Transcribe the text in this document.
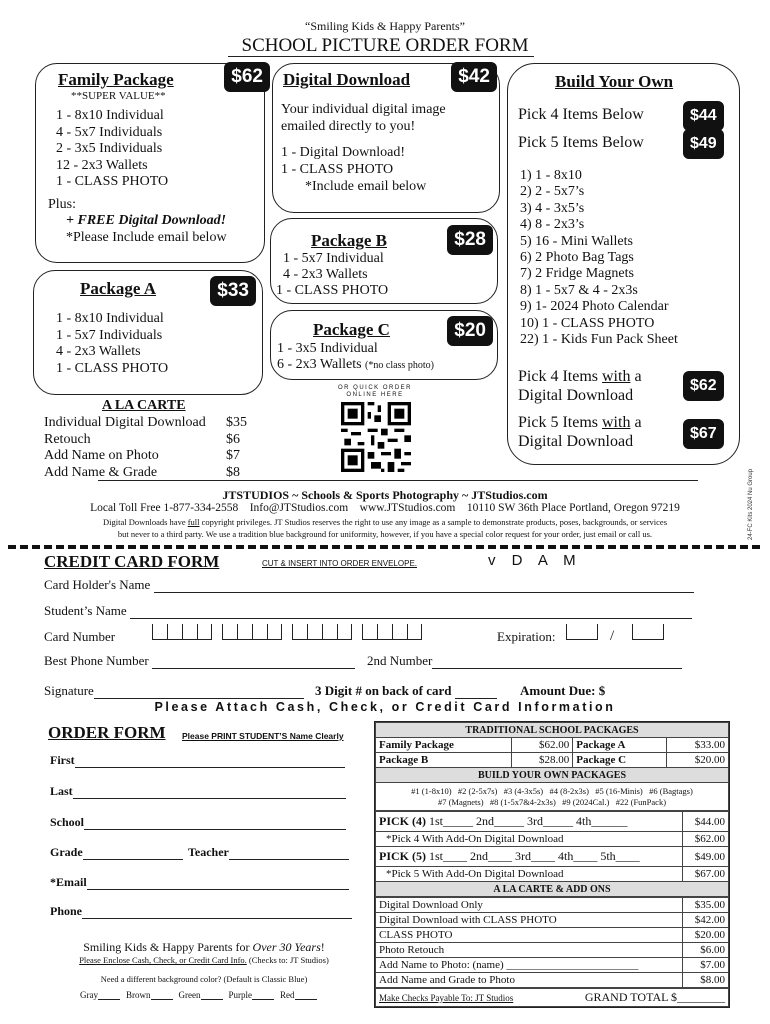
“Smiling Kids & Happy Parents”
SCHOOL PICTURE ORDER FORM
Family Package	$62
**SUPER VALUE**
1 - 8x10 Individual
4 - 5x7 Individuals
2 - 3x5 Individuals
12 - 2x3 Wallets
1 - CLASS PHOTO
Plus:
+ FREE Digital Download!
*Please Include email below
Digital Download	$42
Your individual digital image
emailed directly to you!
1 - Digital Download!
1 - CLASS PHOTO
*Include email below
Package B	$28
1 - 5x7 Individual
4 - 2x3 Wallets
1 - CLASS PHOTO
Package A	$33
1 - 8x10 Individual
1 - 5x7 Individuals
4 - 2x3 Wallets
1 - CLASS PHOTO
Package C	$20
1 - 3x5 Individual
6 - 2x3 Wallets (*no class photo)
Build Your Own
Pick 4 Items Below	$44
Pick 5 Items Below	$49
1) 1 - 8x10
2) 2 - 5x7’s
3) 4 - 3x5’s
4) 8 - 2x3’s
5) 16 - Mini Wallets
6) 2 Photo Bag Tags
7) 2 Fridge Magnets
8) 1 - 5x7 & 4 - 2x3s
9) 1- 2024 Photo Calendar
10) 1 - CLASS PHOTO
22) 1 - Kids Fun Pack Sheet
Pick 4 Items with a
Digital Download
$62
Pick 5 Items with a
Digital Download	$67
OR QUICK ORDER
ONLINE HERE
A LA CARTE
Individual Digital Download $35
Retouch	$6
Add Name on Photo	$7
Add Name & Grade	$8	24-FC Kits 2024 Nu Group
JTSTUDIOS ~ Schools & Sports Photography ~ JTStudios.com
Local Toll Free 1-877-334-2558    Info@JTStudios.com    www.JTStudios.com    10110 SW 36th Place Portland, Oregon 97219
Digital Downloads have full copyright privileges. JT Studios reserves the right to use any image as a sample to demonstrate products, poses, backgrounds, or services
but never to a third party. We use a tradition blue background for uniformity, however, if you have a special color request for your order, just email or call us.
CREDIT CARD FORM	CUT & INSERT INTO ORDER ENVELOPE.	v D A M
Card Holder's Name
Student’s Name
Card Number	Expiration:	/
Best Phone Number	2nd Number
Signature	3 Digit # on back of card	Amount Due: $
Please Attach Cash, Check, or Credit Card Information
ORDER FORM Please PRINT STUDENT’S Name Clearly
First
Last
School
Grade	Teacher
*Email
Phone
Smiling Kids & Happy Parents for Over 30 Years!
Please Enclose Cash, Check, or Credit Card Info. (Checks to: JT Studios)
Need a different background color? (Default is Classic Blue)
Gray	Brown	Green	Purple	Red
TRADITIONAL SCHOOL PACKAGES			
Family Package	$62.00	Package A	$33.00
Package B	$28.00	Package C	$20.00
BUILD YOUR OWN PACKAGES			
#1 (1-8x10)   #2 (2-5x7s)   #3 (4-3x5s)   #4 (8-2x3s)   #5 (16-Minis)   #6 (Bagtags)
#7 (Magnets)   #8 (1-5x7&4-2x3s)   #9 (2024Cal.)   #22 (FunPack)			
PICK (4) 1st_____ 2nd_____ 3rd_____ 4th______	$44.00
*Pick 4 With Add-On Digital Download	$62.00
PICK (5) 1st____ 2nd____ 3rd____ 4th____ 5th____	$49.00
*Pick 5 With Add-On Digital Download	$67.00
A LA CARTE & ADD ONS	
Digital Download Only	$35.00
Digital Download with CLASS PHOTO	$42.00
CLASS PHOTO	$20.00
Photo Retouch	$6.00
Add Name to Photo: (name) ________________________	$7.00
Add Name and Grade to Photo	$8.00
Make Checks Payable To: JT Studios	GRAND TOTAL $________
